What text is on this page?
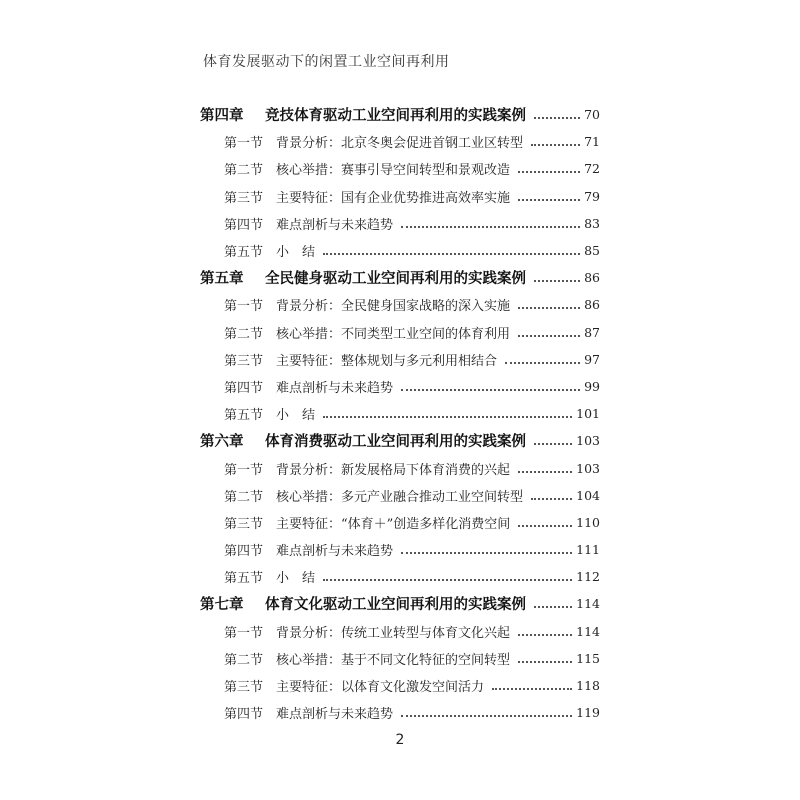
体育发展驱动下的闲置工业空间再利用
第四章	竞技体育驱动工业空间再利用的实践案例	70
第一节 背景分析：北京冬奥会促进首钢工业区转型	71
第二节 核心举措：赛事引导空间转型和景观改造	72
第三节 主要特征：国有企业优势推进高效率实施	79
第四节 难点剖析与未来趋势	83
第五节 小　结	85
第五章	全民健身驱动工业空间再利用的实践案例	86
第一节 背景分析：全民健身国家战略的深入实施	86
第二节 核心举措：不同类型工业空间的体育利用	87
第三节 主要特征：整体规划与多元利用相结合	97
第四节 难点剖析与未来趋势	99
第五节 小　结	101
第六章	体育消费驱动工业空间再利用的实践案例	103
第一节 背景分析：新发展格局下体育消费的兴起	103
第二节 核心举措：多元产业融合推动工业空间转型	104
第三节 主要特征：“体育＋”创造多样化消费空间	110
第四节 难点剖析与未来趋势	111
第五节 小　结	112
第七章	体育文化驱动工业空间再利用的实践案例	114
第一节 背景分析：传统工业转型与体育文化兴起	114
第二节 核心举措：基于不同文化特征的空间转型	115
第三节 主要特征：以体育文化激发空间活力	118
第四节 难点剖析与未来趋势	119
2
